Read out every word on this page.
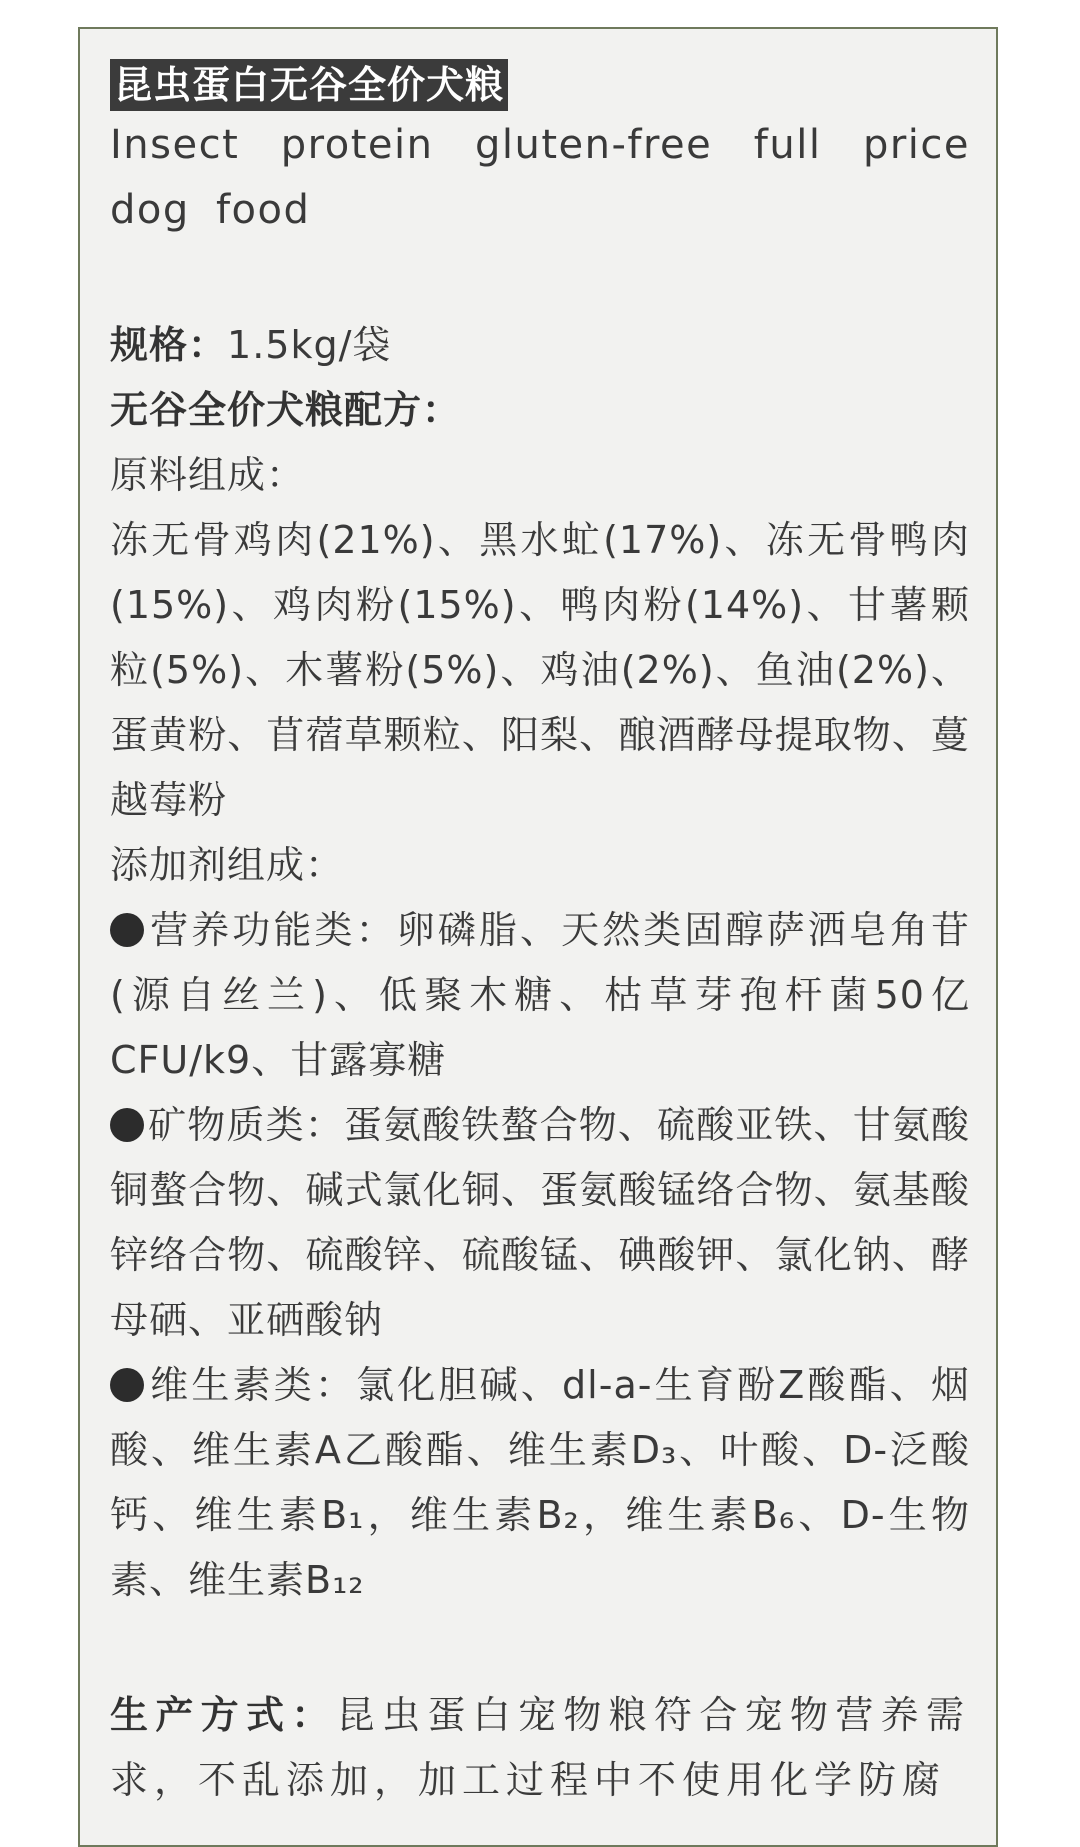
昆虫蛋白无谷全价犬粮
Insect protein gluten-free full price dog food
规格：1.5kg/袋
无谷全价犬粮配方：
原料组成：
冻无骨鸡肉(21%)、黑水虻(17%)、冻无骨鸭肉(15%)、鸡肉粉(15%)、鸭肉粉(14%)、甘薯颗粒(5%)、木薯粉(5%)、鸡油(2%)、鱼油(2%)、蛋黄粉、苜蓿草颗粒、阳梨、酿酒酵母提取物、蔓越莓粉
添加剂组成：
营养功能类：卵磷脂、天然类固醇萨洒皂角苷(源自丝兰)、低聚木糖、枯草芽孢杆菌50亿CFU/k9、甘露寡糖
矿物质类：蛋氨酸铁螯合物、硫酸亚铁、甘氨酸铜螯合物、碱式氯化铜、蛋氨酸锰络合物、氨基酸锌络合物、硫酸锌、硫酸锰、碘酸钾、氯化钠、酵母硒、亚硒酸钠
维生素类：氯化胆碱、dl-a-生育酚Z酸酯、烟酸、维生素A乙酸酯、维生素D₃、叶酸、D-泛酸钙、维生素B₁，维生素B₂，维生素B₆、D-生物素、维生素B₁₂
生产方式：昆虫蛋白宠物粮符合宠物营养需求，不乱添加，加工过程中不使用化学防腐
